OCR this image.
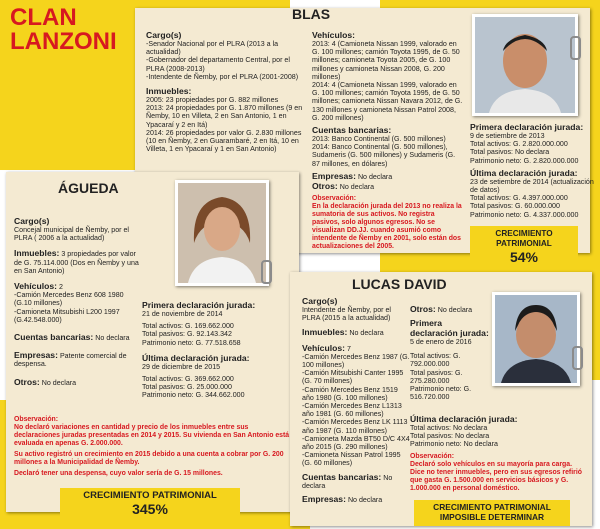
CLAN
LANZONI
BLAS
Cargo(s)
-Senador Nacional por el PLRA (2013 a la actualidad)
-Gobernador del departamento Central, por el PLRA (2008-2013)
-Intendente de Ñemby, por el PLRA (2001-2008)
Inmuebles:
2005: 23 propiedades por G. 882 millones
2013: 24 propiedades por G. 1.870 millones (9 en Ñemby, 10 en Villeta, 2 en San Antonio, 1 en Ypacaraí y 2 en Itá)
2014: 26 propiedades por valor G. 2.830 millones (10 en Ñemby, 2 en Guarambaré, 2 en Itá, 10 en Villeta, 1 en Ypacaraí y 1 en San Antonio)
Vehículos:
2013: 4 (Camioneta Nissan 1999, valorado en G. 100 millones; camión Toyota 1995, de G. 50 millones; camioneta Toyota 2005, de G. 100 millones y camioneta Nissan 2008, G. 200 millones)
2014: 4 (Camioneta Nissan 1999, valorado en G. 100 millones; camión Toyota 1995, de G. 50 millones; camioneta Nissan Navara 2012, de G. 130 millones y camioneta Nissan Patrol 2008, G. 200 millones)
Cuentas bancarias:
2013: Banco Continental (G. 500 millones)
2014: Banco Continental (G. 500 millones), Sudameris (G. 500 millones) y Sudameris (G. 87 millones, en dólares)
Empresas: No declara
Otros: No declara
Observación:
En la declaración jurada del 2013 no realiza la sumatoria de sus activos. No registra pasivos, solo algunos egresos. No se visualizan DD.JJ. cuando asumió como intendente de Ñemby en 2001, solo están dos actualizaciones del 2005.
Primera declaración jurada:
9 de setiembre de 2013
Total activos: G. 2.820.000.000
Total pasivos: No declara
Patrimonio neto: G. 2.820.000.000
Última declaración jurada:
23 de setiembre de 2014 (actualización de datos)
Total activos: G. 4.397.000.000
Total pasivos: G. 60.000.000
Patrimonio neto: G. 4.337.000.000
CRECIMIENTO PATRIMONIAL
54%
ÁGUEDA
Cargo(s)
Concejal municipal de Ñemby, por el PLRA ( 2006 a la actualidad)
Inmuebles: 3 propiedades por valor de G. 75.114.000 (Dos en Ñemby y una en San Antonio)
Vehículos: 2
-Camión Mercedes Benz 608 1980 (G.10 millones)
-Camioneta Mitsubishi L200 1997 (G.42.548.000)
Cuentas bancarias: No declara
Empresas: Patente comercial de despensa.
Otros: No declara
Primera declaración jurada:
21 de noviembre de 2014
Total activos: G. 169.662.000
Total pasivos: G. 92.143.342
Patrimonio neto: G. 77.518.658
Última declaración jurada:
29 de diciembre de 2015
Total activos: G. 369.662.000
Total pasivos: G. 25.000.000
Patrimonio neto: G. 344.662.000
Observación:
No declaró variaciones en cantidad y precio de los inmuebles entre sus declaraciones juradas presentadas en 2014 y 2015. Su vivienda en San Antonio está evaluada en apenas G. 2.000.000.
Su activo registró un crecimiento en 2015 debido a una cuenta a cobrar por G. 200 millones a la Municipalidad de Ñemby.
Declaró tener una despensa, cuyo valor sería de G. 15 millones.
CRECIMIENTO PATRIMONIAL
345%
LUCAS DAVID
Cargo(s)
Intendente de Ñemby, por el PLRA (2015 a la actualidad)
Inmuebles: No declara
Vehículos: 7
-Camión Mercedes Benz 1987 (G. 100 millones)
-Camión Mitsubishi Canter 1995 (G. 70 millones)
-Camión Mercedes Benz 1519 año 1980 (G. 100 millones)
-Camión Mercedes Benz L1313 año 1981 (G. 60 millones)
-Camión Mercedes Benz LK 1113 año 1987 (G. 110 millones)
-Camioneta Mazda BT50 D/C 4X4 año 2015 (G. 290 millones)
-Camioneta Nissan Patrol 1995 (G. 60 millones)
Cuentas bancarias: No declara
Empresas: No declara
Otros: No declara
Primera declaración jurada:
5 de enero de 2016
Total activos: G. 792.000.000
Total pasivos: G. 275.280.000
Patrimonio neto: G. 516.720.000
Última declaración jurada:
Total activos: No declara
Total pasivos: No declara
Patrimonio neto: No declara
Observación:
Declaró solo vehículos en su mayoría para carga. Dice no tener inmuebles, pero en sus egresos refirió que gasta G. 1.500.000 en servicios básicos y G. 1.000.000 en personal doméstico.
CRECIMIENTO PATRIMONIAL
IMPOSIBLE DETERMINAR
